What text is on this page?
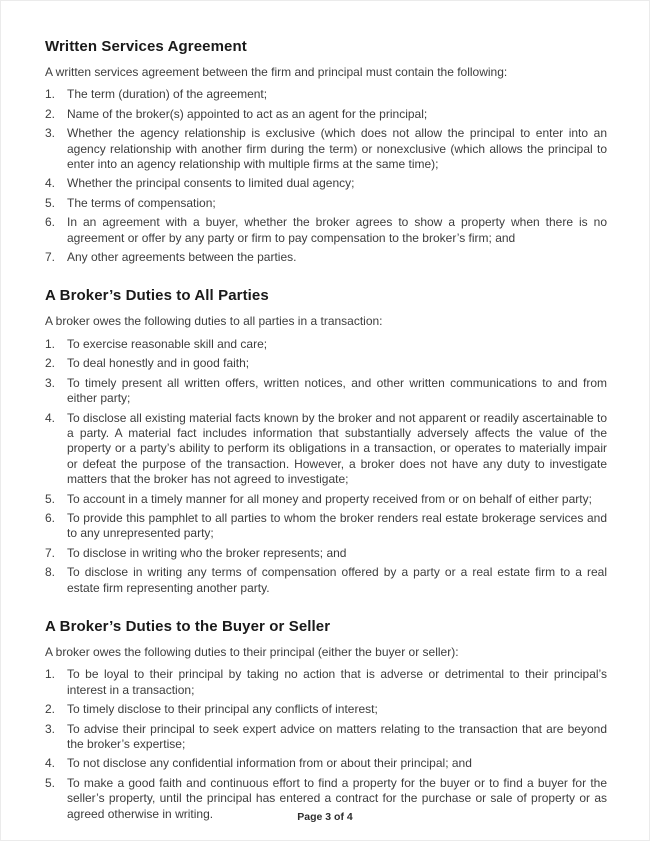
Written Services Agreement

A written services agreement between the firm and principal must contain the following:

1. The term (duration) of the agreement;
2. Name of the broker(s) appointed to act as an agent for the principal;
3. Whether the agency relationship is exclusive (which does not allow the principal to enter into an agency relationship with another firm during the term) or nonexclusive (which allows the principal to enter into an agency relationship with multiple firms at the same time);
4. Whether the principal consents to limited dual agency;
5. The terms of compensation;
6. In an agreement with a buyer, whether the broker agrees to show a property when there is no agreement or offer by any party or firm to pay compensation to the broker’s firm; and
7. Any other agreements between the parties.
A Broker’s Duties to All Parties

A broker owes the following duties to all parties in a transaction:

1. To exercise reasonable skill and care;
2. To deal honestly and in good faith;
3. To timely present all written offers, written notices, and other written communications to and from either party;
4. To disclose all existing material facts known by the broker and not apparent or readily ascertainable to a party. A material fact includes information that substantially adversely affects the value of the property or a party’s ability to perform its obligations in a transaction, or operates to materially impair or defeat the purpose of the transaction. However, a broker does not have any duty to investigate matters that the broker has not agreed to investigate;
5. To account in a timely manner for all money and property received from or on behalf of either party;
6. To provide this pamphlet to all parties to whom the broker renders real estate brokerage services and to any unrepresented party;
7. To disclose in writing who the broker represents; and
8. To disclose in writing any terms of compensation offered by a party or a real estate firm to a real estate firm representing another party.
A Broker’s Duties to the Buyer or Seller

A broker owes the following duties to their principal (either the buyer or seller):

1. To be loyal to their principal by taking no action that is adverse or detrimental to their principal’s interest in a transaction;
2. To timely disclose to their principal any conflicts of interest;
3. To advise their principal to seek expert advice on matters relating to the transaction that are beyond the broker’s expertise;
4. To not disclose any confidential information from or about their principal; and
5. To make a good faith and continuous effort to find a property for the buyer or to find a buyer for the seller’s property, until the principal has entered a contract for the purchase or sale of property or as agreed otherwise in writing.	Page 3 of 4
